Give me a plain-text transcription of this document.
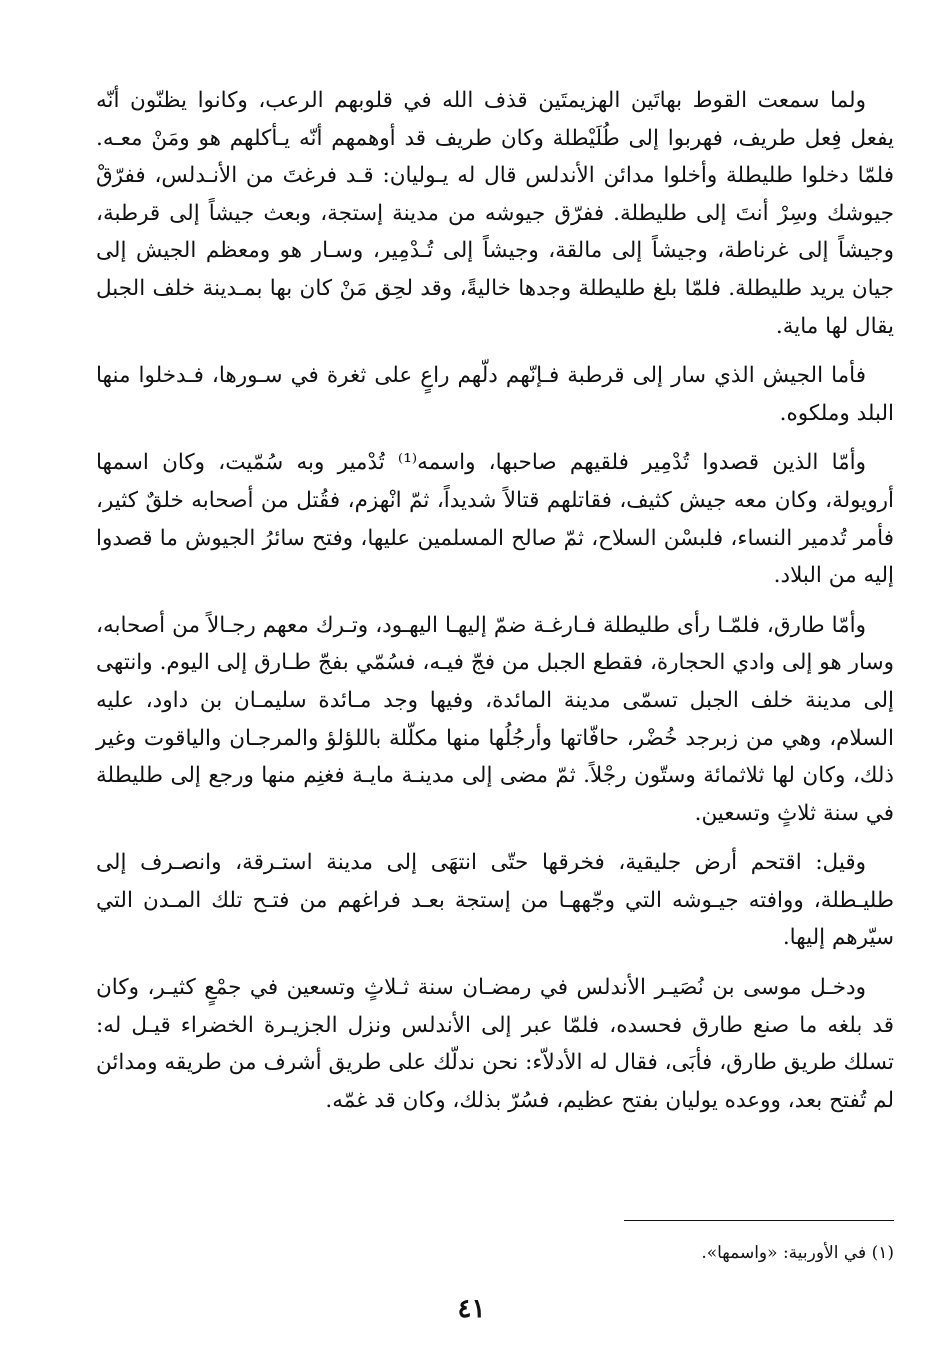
ولما سمعت القوط بهاتَين الهزيمتَين قذف الله في قلوبهم الرعب، وكانوا يظنّون أنّه يفعل فِعل طريف، فهربوا إلى طُلَيْطلة وكان طريف قد أوهمهم أنّه يـأكلهم هو ومَنْ معـه. فلمّا دخلوا طليطلة وأخلوا مدائن الأندلس قال له يـوليان: قـد فرغتَ من الأنـدلس، ففرّقْ جيوشك وسِرْ أنتَ إلى طليطلة. ففرّق جيوشه من مدينة إستجة، وبعث جيشاً إلى قرطبة، وجيشاً إلى غرناطة، وجيشاً إلى مالقة، وجيشاً إلى تُـدْمِير، وسـار هو ومعظم الجيش إلى جيان يريد طليطلة. فلمّا بلغ طليطلة وجدها خاليةً، وقد لحِق مَنْ كان بها بمـدينة خلف الجبل يقال لها ماية.

فأما الجيش الذي سار إلى قرطبة فـإنّهم دلّهم راعٍ على ثغرة في سـورها، فـدخلوا منها البلد وملكوه.

وأمّا الذين قصدوا تُدْمِير فلقيهم صاحبها، واسمه⁽¹⁾ تُدْمير وبه سُمّيت، وكان اسمها أرويولة، وكان معه جيش كثيف، فقاتلهم قتالاً شديداً، ثمّ انْهزم، فقُتل من أصحابه خلقٌ كثير، فأمر تُدمير النساء، فلبسْن السلاح، ثمّ صالح المسلمين عليها، وفتح سائرُ الجيوش ما قصدوا إليه من البلاد.

وأمّا طارق، فلمّـا رأى طليطلة فـارغـة ضمّ إليهـا اليهـود، وتـرك معهم رجـالاً من أصحابه، وسار هو إلى وادي الحجارة، فقطع الجبل من فجّ فيـه، فسُمّي بفجّ طـارق إلى اليوم. وانتهى إلى مدينة خلف الجبل تسمّى مدينة المائدة، وفيها وجد مـائدة سليمـان بن داود، عليه السلام، وهي من زبرجد خُضْر، حافّاتها وأرجُلُها منها مكلّلة باللؤلؤ والمرجـان والياقوت وغير ذلك، وكان لها ثلاثمائة وستّون رجْلاً. ثمّ مضى إلى مدينـة مايـة فغنِم منها ورجع إلى طليطلة في سنة ثلاثٍ وتسعين.

وقيل: اقتحم أرض جليقية، فخرقها حتّى انتهَى إلى مدينة استـرقة، وانصـرف إلى طليـطلة، ووافته جيـوشه التي وجّههـا من إستجة بعـد فراغهم من فتـح تلك المـدن التي سيّرهم إليها.

ودخـل موسى بن نُصَيـر الأندلس في رمضـان سنة ثـلاثٍ وتسعين في جمْعٍ كثيـر، وكان قد بلغه ما صنع طارق فحسده، فلمّا عبر إلى الأندلس ونزل الجزيـرة الخضراء قيـل له: تسلك طريق طارق، فأبَى، فقال له الأدلاّء: نحن ندلّك على طريق أشرف من طريقه ومدائن لم تُفتح بعد، ووعده يوليان بفتح عظيم، فسُرّ بذلك، وكان قد غمّه.

(١) في الأوربية: «واسمها».
٤١
